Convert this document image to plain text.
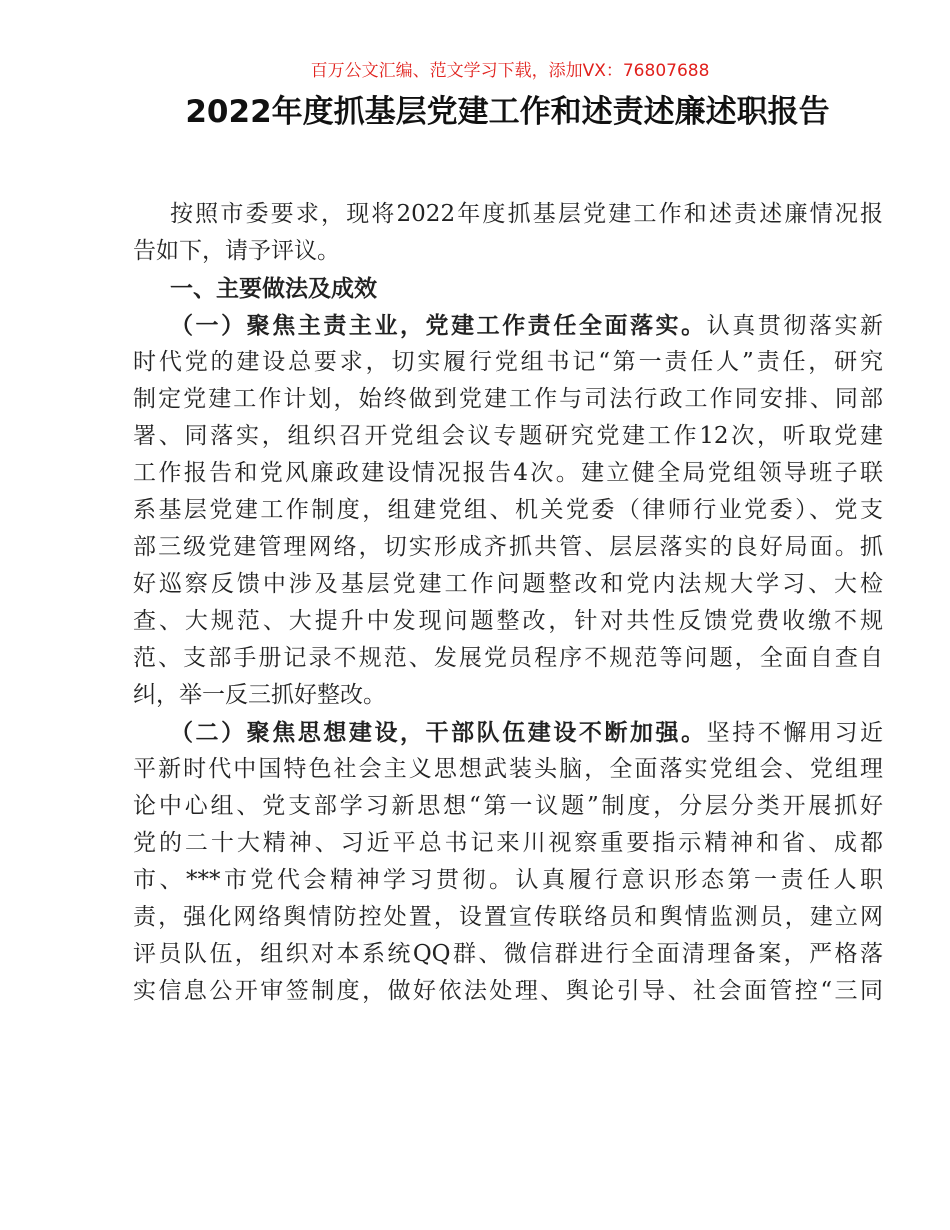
百万公文汇编、范文学习下载，添加VX：76807688
2022年度抓基层党建工作和述责述廉述职报告
按照市委要求，现将2022年度抓基层党建工作和述责述廉情况报
告如下，请予评议。
一、主要做法及成效
（一）聚焦主责主业，党建工作责任全面落实。认真贯彻落实新
时代党的建设总要求，切实履行党组书记“第一责任人”责任，研究
制定党建工作计划，始终做到党建工作与司法行政工作同安排、同部
署、同落实，组织召开党组会议专题研究党建工作12次，听取党建
工作报告和党风廉政建设情况报告4次。建立健全局党组领导班子联
系基层党建工作制度，组建党组、机关党委（律师行业党委）、党支
部三级党建管理网络，切实形成齐抓共管、层层落实的良好局面。抓
好巡察反馈中涉及基层党建工作问题整改和党内法规大学习、大检
查、大规范、大提升中发现问题整改，针对共性反馈党费收缴不规
范、支部手册记录不规范、发展党员程序不规范等问题，全面自查自
纠，举一反三抓好整改。
（二）聚焦思想建设，干部队伍建设不断加强。坚持不懈用习近
平新时代中国特色社会主义思想武装头脑，全面落实党组会、党组理
论中心组、党支部学习新思想“第一议题”制度，分层分类开展抓好
党的二十大精神、习近平总书记来川视察重要指示精神和省、成都
市、***市党代会精神学习贯彻。认真履行意识形态第一责任人职
责，强化网络舆情防控处置，设置宣传联络员和舆情监测员，建立网
评员队伍，组织对本系统QQ群、微信群进行全面清理备案，严格落
实信息公开审签制度，做好依法处理、舆论引导、社会面管控“三同
